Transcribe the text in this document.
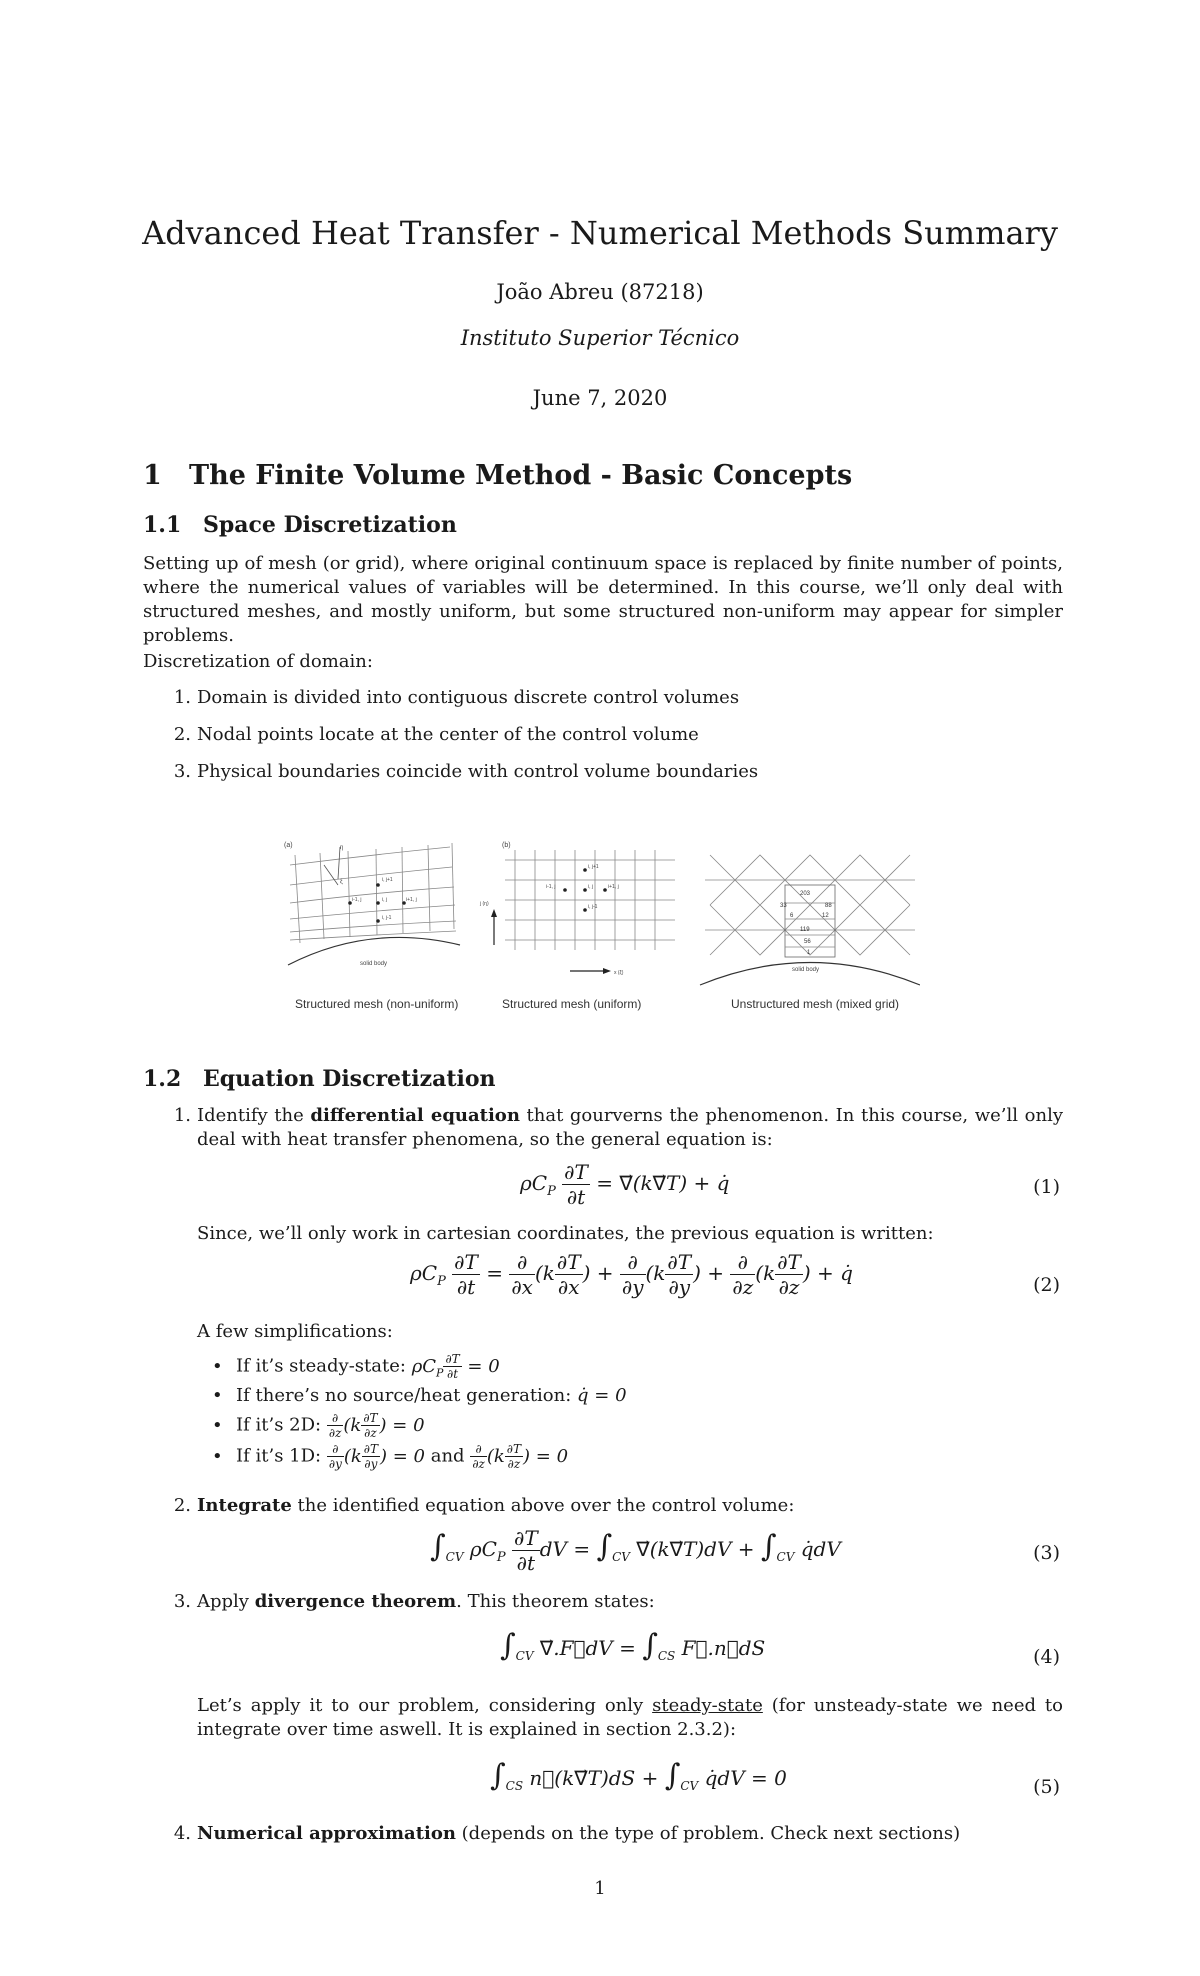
Advanced Heat Transfer - Numerical Methods Summary
João Abreu (87218)
Instituto Superior Técnico
June 7, 2020
1 The Finite Volume Method - Basic Concepts
1.1 Space Discretization
Setting up of mesh (or grid), where original continuum space is replaced by finite number of points, where the numerical values of variables will be determined. In this course, we’ll only deal with structured meshes, and mostly uniform, but some structured non-uniform may appear for simpler problems.
Discretization of domain:
1. Domain is divided into contiguous discrete control volumes
2. Nodal points locate at the center of the control volume
3. Physical boundaries coincide with control volume boundaries
(a)
solid body
η
ξ	i, j+1
i, j
i-1, j	i+1, j
i, j-1
(b)
i, j+1
i, j
i-1, j	i+1, j
i, j-1
j (η)
x (ξ)
203
33	88
6	12
119
56
1
solid body
Structured mesh (non-uniform)	Structured mesh (uniform)	Unstructured mesh (mixed grid)
1.2 Equation Discretization
1. Identify the differential equation that gourverns the phenomenon. In this course, we’ll only deal with heat transfer phenomena, so the general equation is:
$\rho C_P \frac{\partial T}{\partial t}$ = ∇⃗(k∇⃗T) + q̇	(1)
Since, we’ll only work in cartesian coordinates, the previous equation is written:
$\rho C_P \frac{\partial T}{\partial t} = \frac{\partial}{\partial x} (k \frac{\partial T}{\partial x}$ ) + $\frac{\partial}{\partial y} (k \frac{\partial T}{\partial y}$ ) + $\frac{\partial}{\partial z} (k \frac{\partial T}{\partial z}$ ) + q̇	(2)
A few simplifications:
• If it’s steady-state: $\rho C_P \frac{\partial T}{\partial t} = 0$
• If there’s no source/heat generation: q̇ = 0
• If it’s 2D: $\frac{\partial}{\partial z} (k \frac{\partial T}{\partial z}$ ) = 0
• If it’s 1D: $\frac{\partial}{\partial y} (k \frac{\partial T}{\partial y}$ ) = 0 and $\frac{\partial}{\partial z} (k \frac{\partial T}{\partial z}$ ) = 0
2. Integrate the identified equation above over the control volume:
$\int_{CV}$ $\rho C_P \frac{\partial T}{\partial t}$ dV = $\int_{CV}$ ∇⃗(k∇⃗T)dV + $\int_{CV}$ q̇dV	(3)
3. Apply divergence theorem. This theorem states:
$\int_{CV}$ ∇⃗.F⃗dV = $\int_{CS}$ F⃗.n⃗dS	(4)
Let’s apply it to our problem, considering only steady-state (for unsteady-state we need to integrate over time aswell. It is explained in section 2.3.2):
$\int_{CS}$ n⃗(k∇⃗T)dS + $\int_{CV}$ q̇dV = 0	(5)
4. Numerical approximation (depends on the type of problem. Check next sections)
1
